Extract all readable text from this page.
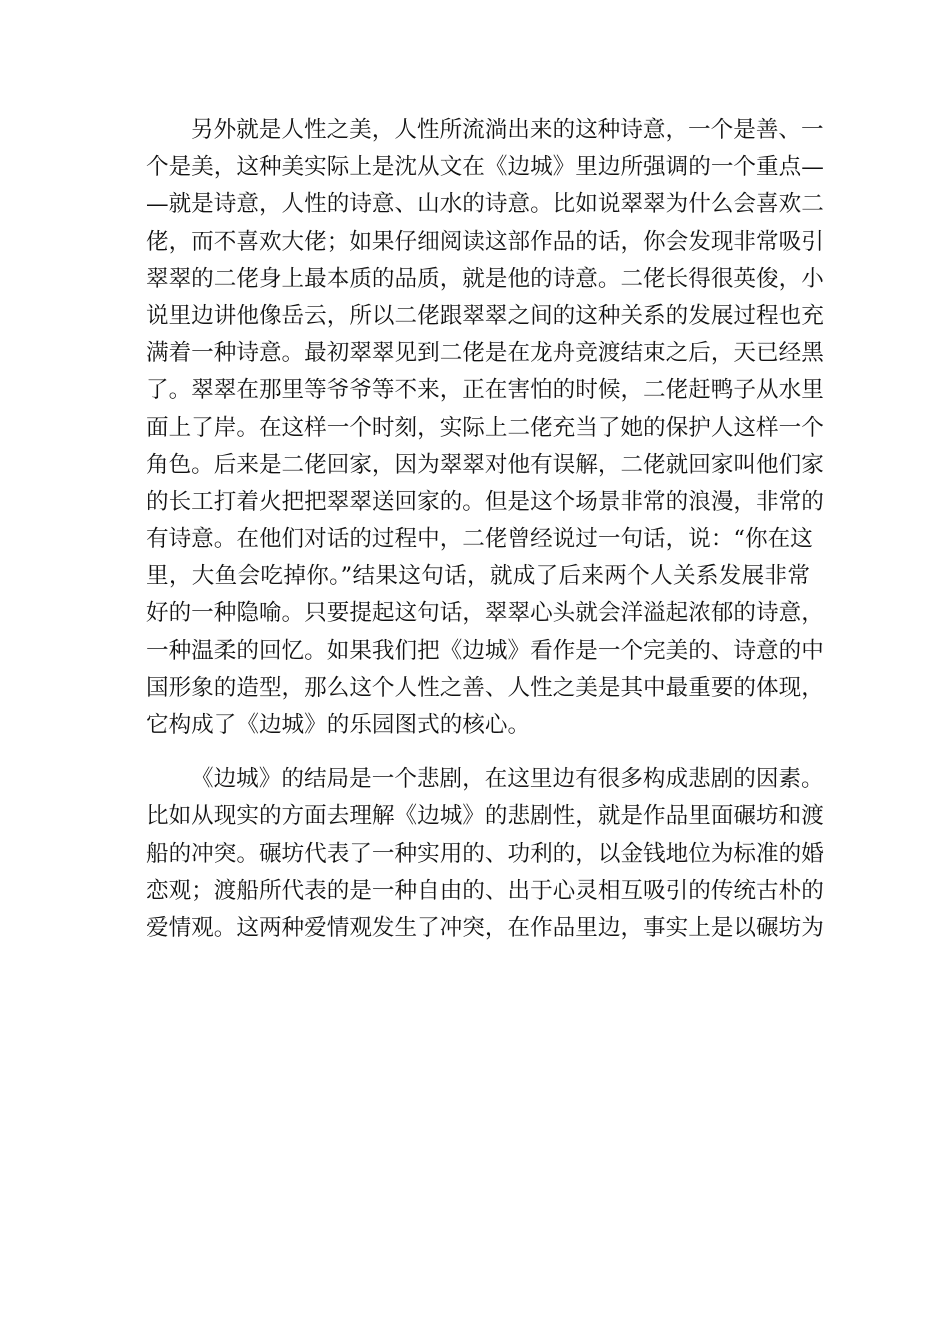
另外就是人性之美，人性所流淌出来的这种诗意，一个是善、一
个是美，这种美实际上是沈从文在《边城》里边所强调的一个重点—
—就是诗意，人性的诗意、山水的诗意。比如说翠翠为什么会喜欢二
佬，而不喜欢大佬；如果仔细阅读这部作品的话，你会发现非常吸引
翠翠的二佬身上最本质的品质，就是他的诗意。二佬长得很英俊，小
说里边讲他像岳云，所以二佬跟翠翠之间的这种关系的发展过程也充
满着一种诗意。最初翠翠见到二佬是在龙舟竞渡结束之后，天已经黑
了。翠翠在那里等爷爷等不来，正在害怕的时候，二佬赶鸭子从水里
面上了岸。在这样一个时刻，实际上二佬充当了她的保护人这样一个
角色。后来是二佬回家，因为翠翠对他有误解，二佬就回家叫他们家
的长工打着火把把翠翠送回家的。但是这个场景非常的浪漫，非常的
有诗意。在他们对话的过程中，二佬曾经说过一句话，说：“你在这
里，大鱼会吃掉你。”结果这句话，就成了后来两个人关系发展非常
好的一种隐喻。只要提起这句话，翠翠心头就会洋溢起浓郁的诗意，
一种温柔的回忆。如果我们把《边城》看作是一个完美的、诗意的中
国形象的造型，那么这个人性之善、人性之美是其中最重要的体现，
它构成了《边城》的乐园图式的核心。
《边城》的结局是一个悲剧，在这里边有很多构成悲剧的因素。
比如从现实的方面去理解《边城》的悲剧性，就是作品里面碾坊和渡
船的冲突。碾坊代表了一种实用的、功利的，以金钱地位为标准的婚
恋观；渡船所代表的是一种自由的、出于心灵相互吸引的传统古朴的
爱情观。这两种爱情观发生了冲突，在作品里边，事实上是以碾坊为
